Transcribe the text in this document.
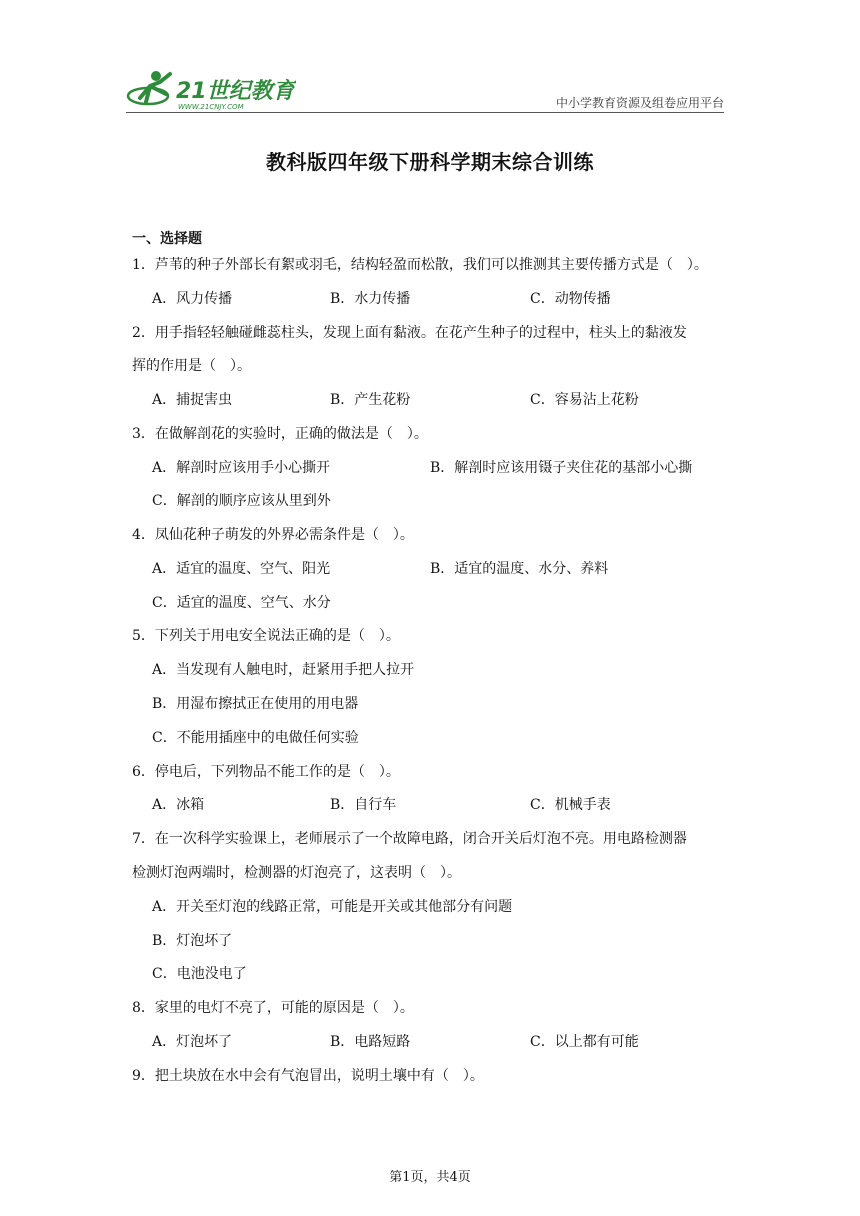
21世纪教育
WWW.21CNJY.COM	中小学教育资源及组卷应用平台
教科版四年级下册科学期末综合训练
一、选择题
1．芦苇的种子外部长有絮或羽毛，结构轻盈而松散，我们可以推测其主要传播方式是（　）。
A．风力传播	B．水力传播	C．动物传播
2．用手指轻轻触碰雌蕊柱头，发现上面有黏液。在花产生种子的过程中，柱头上的黏液发
挥的作用是（　）。
A．捕捉害虫	B．产生花粉	C．容易沾上花粉
3．在做解剖花的实验时，正确的做法是（　）。
A．解剖时应该用手小心撕开	B．解剖时应该用镊子夹住花的基部小心撕
C．解剖的顺序应该从里到外
4．凤仙花种子萌发的外界必需条件是（　）。
A．适宜的温度、空气、阳光	B．适宜的温度、水分、养料
C．适宜的温度、空气、水分
5．下列关于用电安全说法正确的是（　）。
A．当发现有人触电时，赶紧用手把人拉开
B．用湿布擦拭正在使用的用电器
C．不能用插座中的电做任何实验
6．停电后，下列物品不能工作的是（　）。
A．冰箱	B．自行车	C．机械手表
7．在一次科学实验课上，老师展示了一个故障电路，闭合开关后灯泡不亮。用电路检测器
检测灯泡两端时，检测器的灯泡亮了，这表明（　）。
A．开关至灯泡的线路正常，可能是开关或其他部分有问题
B．灯泡坏了
C．电池没电了
8．家里的电灯不亮了，可能的原因是（　）。
A．灯泡坏了	B．电路短路	C．以上都有可能
9．把土块放在水中会有气泡冒出，说明土壤中有（　）。
第1页，共4页
